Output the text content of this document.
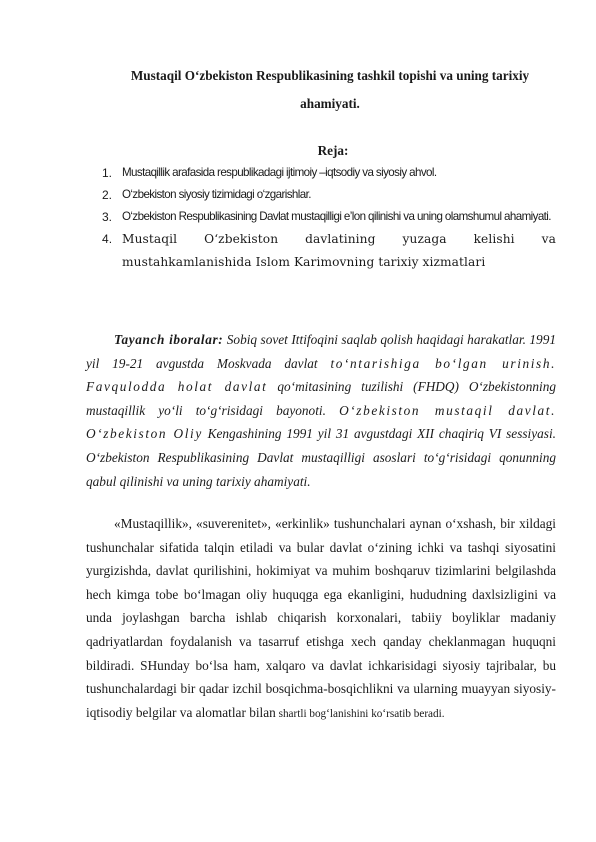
Mustaqil O‘zbekiston Respublikasining tashkil topishi va uning tarixiy
ahamiyati.
Reja:
1. Mustaqillik arafasida respublikadagi ijtimoiy –iqtsodiy va siyosiy ahvol.
2. O‘zbekiston siyosiy tizimidagi o‘zgarishlar.
3. O‘zbekiston Respublikasining Davlat mustaqilligi e’lon qilinishi va uning olamshumul ahamiyati.
4. Mustaqil O‘zbekiston davlatining yuzaga kelishi va mustahkamlanishida Islom Karimovning tarixiy xizmatlari

Tayanch iboralar: Sobiq sovet Ittifoqini saqlab qolish haqidagi harakatlar. 1991 yil 19-21 avgustda Moskvada davlat to‘ntarishiga bo‘lgan urinish. Favqulodda holat davlat qo‘mitasining tuzilishi (FHDQ) O‘zbekistonning mustaqillik yo‘li to‘g‘risidagi bayonoti. O‘zbekiston mustaqil davlat. O‘zbekiston Oliy Kengashining 1991 yil 31 avgustdagi XII chaqiriq VI sessiyasi. O‘zbekiston Respublikasining Davlat mustaqilligi asoslari to‘g‘risidagi qonunning qabul qilinishi va uning tarixiy ahamiyati.

«Mustaqillik», «suverenitet», «erkinlik» tushunchalari aynan o‘xshash, bir xildagi tushunchalar sifatida talqin etiladi va bular davlat o‘zining ichki va tashqi siyosatini yurgizishda, davlat qurilishini, hokimiyat va muhim boshqaruv tizimlarini belgilashda hech kimga tobe bo‘lmagan oliy huquqga ega ekanligini, hududning daxlsizligini va unda joylashgan barcha ishlab chiqarish korxonalari, tabiiy boyliklar madaniy qadriyatlardan foydalanish va tasarruf etishga xech qanday cheklanmagan huquqni bildiradi. SHunday bo‘lsa ham, xalqaro va davlat ichkarisidagi siyosiy tajribalar, bu tushunchalardagi bir qadar izchil bosqichma-bosqichlikni va ularning muayyan siyosiy-iqtisodiy belgilar va alomatlar bilan shartli bog‘lanishini ko‘rsatib beradi.
